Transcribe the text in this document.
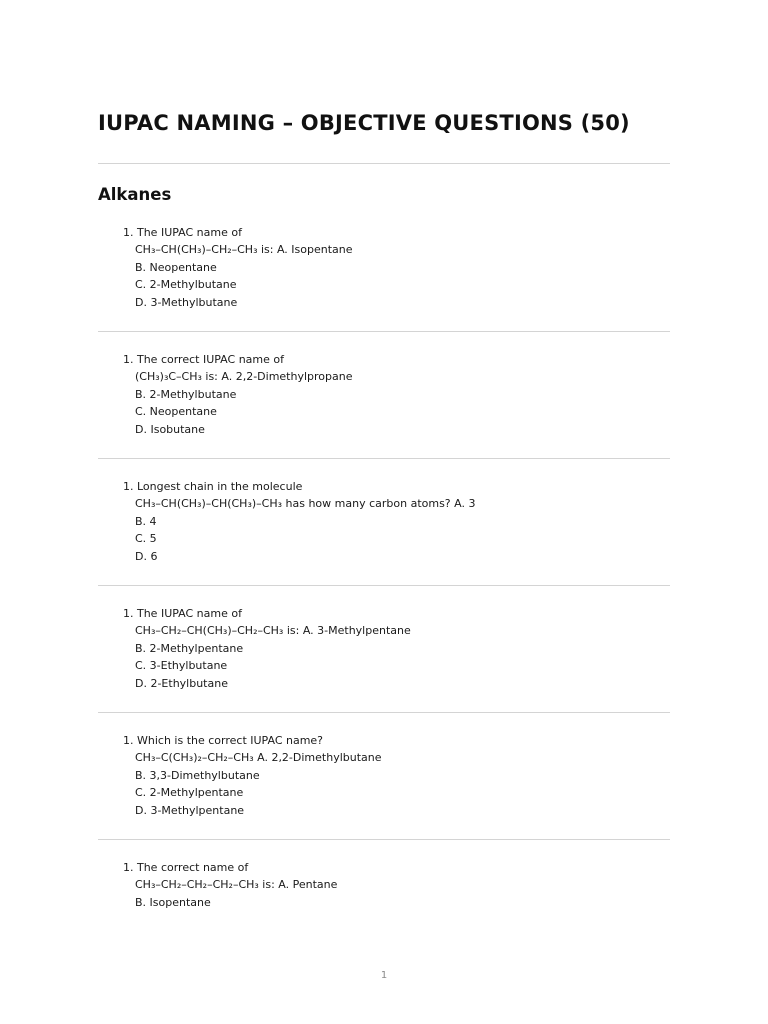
IUPAC NAMING – OBJECTIVE QUESTIONS (50)
Alkanes
1. The IUPAC name of
CH₃–CH(CH₃)–CH₂–CH₃ is: A. Isopentane
B. Neopentane
C. 2-Methylbutane
D. 3-Methylbutane
1. The correct IUPAC name of
(CH₃)₃C–CH₃ is: A. 2,2-Dimethylpropane
B. 2-Methylbutane
C. Neopentane
D. Isobutane
1. Longest chain in the molecule
CH₃–CH(CH₃)–CH(CH₃)–CH₃ has how many carbon atoms? A. 3
B. 4
C. 5
D. 6
1. The IUPAC name of
CH₃–CH₂–CH(CH₃)–CH₂–CH₃ is: A. 3-Methylpentane
B. 2-Methylpentane
C. 3-Ethylbutane
D. 2-Ethylbutane
1. Which is the correct IUPAC name?
CH₃–C(CH₃)₂–CH₂–CH₃ A. 2,2-Dimethylbutane
B. 3,3-Dimethylbutane
C. 2-Methylpentane
D. 3-Methylpentane
1. The correct name of
CH₃–CH₂–CH₂–CH₂–CH₃ is: A. Pentane
B. Isopentane
1
